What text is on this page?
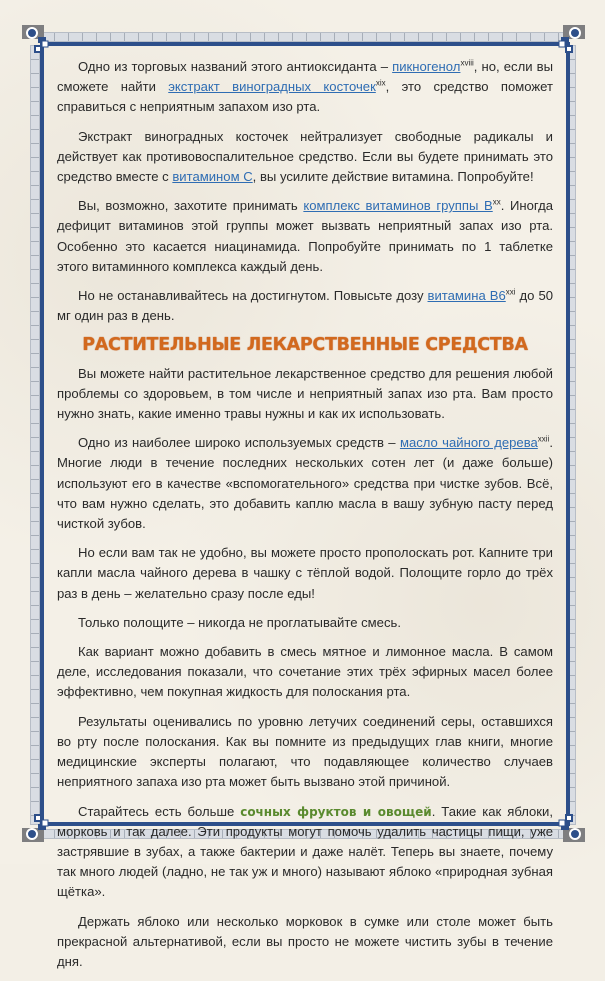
Одно из торговых названий этого антиоксиданта – пикногенол$^{xviii}$, но, если вы сможете найти экстракт виноградных косточек$^{xix}$, это средство поможет справиться с неприятным запахом изо рта.

Экстракт виноградных косточек нейтрализует свободные радикалы и действует как противовоспалительное средство. Если вы будете принимать это средство вместе с витамином С, вы усилите действие витамина. Попробуйте!

Вы, возможно, захотите принимать комплекс витаминов группы $В^{xx}$. Иногда дефицит витаминов этой группы может вызвать неприятный запах изо рта. Особенно это касается ниацинамида. Попробуйте принимать по 1 таблетке этого витаминного комплекса каждый день.

Но не останавливайтесь на достигнутом. Повысьте дозу витамина В6$^{xxi}$ до 50 мг один раз в день.

РАСТИТЕЛЬНЫЕ ЛЕКАРСТВЕННЫЕ СРЕДСТВА

Вы можете найти растительное лекарственное средство для решения любой проблемы со здоровьем, в том числе и неприятный запах изо рта. Вам просто нужно знать, какие именно травы нужны и как их использовать.

Одно из наиболее широко используемых средств – масло чайного дерева$^{xxii}$. Многие люди в течение последних нескольких сотен лет (и даже больше) используют его в качестве «вспомогательного» средства при чистке зубов. Всё, что вам нужно сделать, это добавить каплю масла в вашу зубную пасту перед чисткой зубов.

Но если вам так не удобно, вы можете просто прополоскать рот. Капните три капли масла чайного дерева в чашку с тёплой водой. Полощите горло до трёх раз в день – желательно сразу после еды!

Только полощите – никогда не проглатывайте смесь.

Как вариант можно добавить в смесь мятное и лимонное масла. В самом деле, исследования показали, что сочетание этих трёх эфирных масел более эффективно, чем покупная жидкость для полоскания рта.

Результаты оценивались по уровню летучих соединений серы, оставшихся во рту после полоскания. Как вы помните из предыдущих глав книги, многие медицинские эксперты полагают, что подавляющее количество случаев неприятного запаха изо рта может быть вызвано этой причиной.

Старайтесь есть больше сочных фруктов и овощей. Такие как яблоки, морковь и так далее. Эти продукты могут помочь удалить частицы пищи, уже застрявшие в зубах, а также бактерии и даже налёт. Теперь вы знаете, почему так много людей (ладно, не так уж и много) называют яблоко «природная зубная щётка».

Держать яблоко или несколько морковок в сумке или столе может быть прекрасной альтернативой, если вы просто не можете чистить зубы в течение дня.
